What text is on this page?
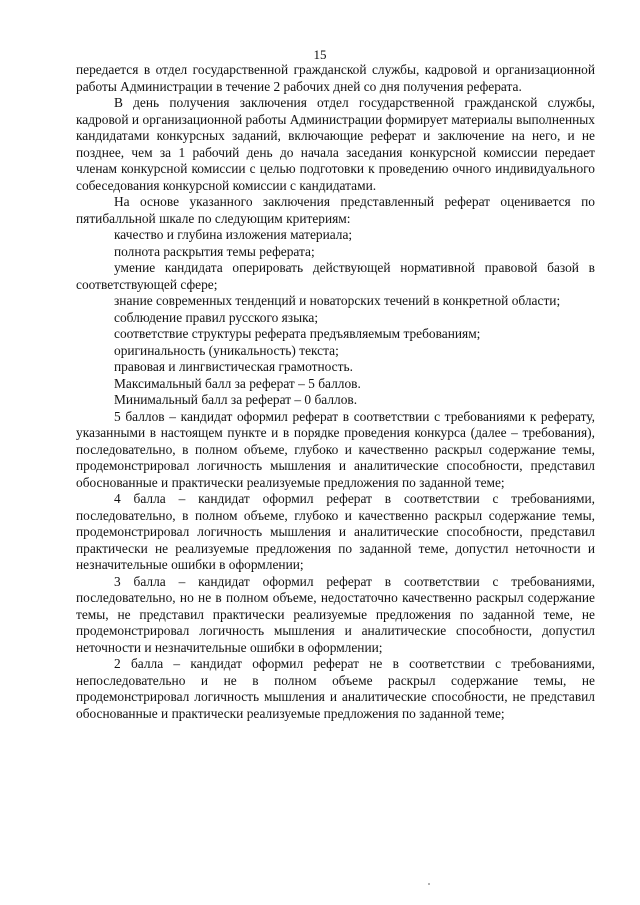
15

передается в отдел государственной гражданской службы, кадровой и организационной работы Администрации в течение 2 рабочих дней со дня получения реферата.

В день получения заключения отдел государственной гражданской службы, кадровой и организационной работы Администрации формирует материалы выполненных кандидатами конкурсных заданий, включающие реферат и заключение на него, и не позднее, чем за 1 рабочий день до начала заседания конкурсной комиссии передает членам конкурсной комиссии с целью подготовки к проведению очного индивидуального собеседования конкурсной комиссии с кандидатами.

На основе указанного заключения представленный реферат оценивается по пятибалльной шкале по следующим критериям:

качество и глубина изложения материала;

полнота раскрытия темы реферата;

умение кандидата оперировать действующей нормативной правовой базой в соответствующей сфере;

знание современных тенденций и новаторских течений в конкретной области;

соблюдение правил русского языка;

соответствие структуры реферата предъявляемым требованиям;

оригинальность (уникальность) текста;

правовая и лингвистическая грамотность.

Максимальный балл за реферат – 5 баллов.

Минимальный балл за реферат – 0 баллов.

5 баллов – кандидат оформил реферат в соответствии с требованиями к реферату, указанными в настоящем пункте и в порядке проведения конкурса (далее – требования), последовательно, в полном объеме, глубоко и качественно раскрыл содержание темы, продемонстрировал логичность мышления и аналитические способности, представил обоснованные и практически реализуемые предложения по заданной теме;

4 балла – кандидат оформил реферат в соответствии с требованиями, последовательно, в полном объеме, глубоко и качественно раскрыл содержание темы, продемонстрировал логичность мышления и аналитические способности, представил практически не реализуемые предложения по заданной теме, допустил неточности и незначительные ошибки в оформлении;

3 балла – кандидат оформил реферат в соответствии с требованиями, последовательно, но не в полном объеме, недостаточно качественно раскрыл содержание темы, не представил практически реализуемые предложения по заданной теме, не продемонстрировал логичность мышления и аналитические способности, допустил неточности и незначительные ошибки в оформлении;

2 балла – кандидат оформил реферат не в соответствии с требованиями, непоследовательно и не в полном объеме раскрыл содержание темы, не продемонстрировал логичность мышления и аналитические способности, не представил обоснованные и практически реализуемые предложения по заданной теме;
